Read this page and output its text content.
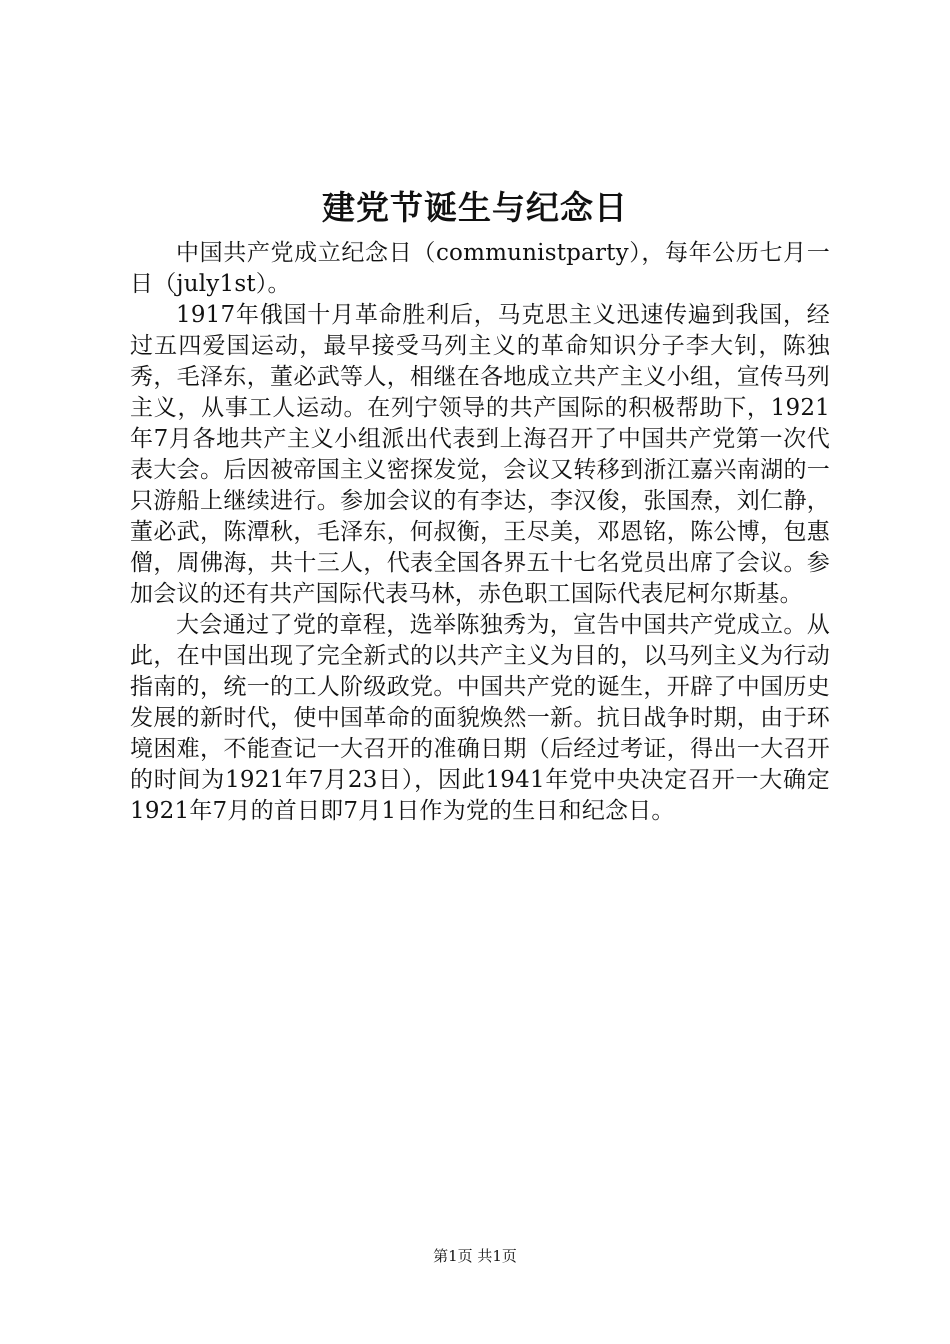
建党节诞生与纪念日

中国共产党成立纪念日（communistparty），每年公历七月一日（july1st）。

1917年俄国十月革命胜利后，马克思主义迅速传遍到我国，经过五四爱国运动，最早接受马列主义的革命知识分子李大钊，陈独秀，毛泽东，董必武等人，相继在各地成立共产主义小组，宣传马列主义，从事工人运动。在列宁领导的共产国际的积极帮助下，1921年7月各地共产主义小组派出代表到上海召开了中国共产党第一次代表大会。后因被帝国主义密探发觉，会议又转移到浙江嘉兴南湖的一只游船上继续进行。参加会议的有李达，李汉俊，张国焘，刘仁静，董必武，陈潭秋，毛泽东，何叔衡，王尽美，邓恩铭，陈公博，包惠僧，周佛海，共十三人，代表全国各界五十七名党员出席了会议。参加会议的还有共产国际代表马林，赤色职工国际代表尼柯尔斯基。

大会通过了党的章程，选举陈独秀为，宣告中国共产党成立。从此，在中国出现了完全新式的以共产主义为目的，以马列主义为行动指南的，统一的工人阶级政党。中国共产党的诞生，开辟了中国历史发展的新时代，使中国革命的面貌焕然一新。抗日战争时期，由于环境困难，不能查记一大召开的准确日期（后经过考证，得出一大召开的时间为1921年7月23日），因此1941年党中央决定召开一大确定1921年7月的首日即7月1日作为党的生日和纪念日。

第1页 共1页
